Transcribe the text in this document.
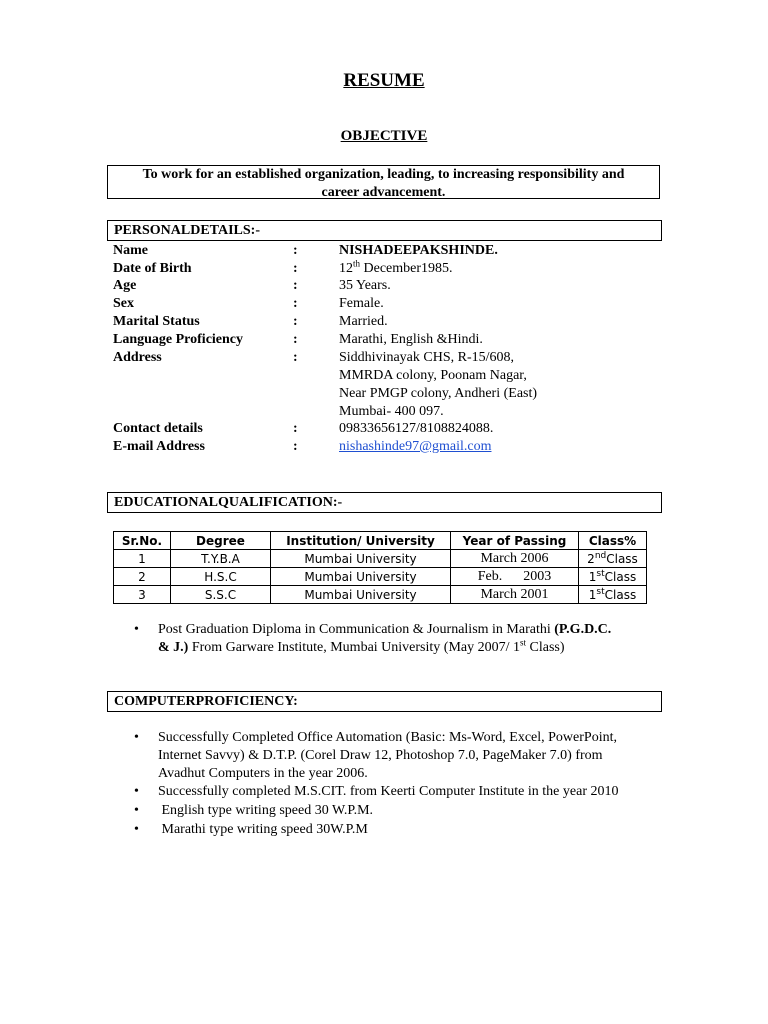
RESUME
OBJECTIVE
To work for an established organization, leading, to increasing responsibility and
career advancement.
PERSONALDETAILS:-
Name	:	NISHADEEPAKSHINDE.
Date of Birth	:	12th December1985.
Age	:	35 Years.
Sex	:	Female.
Marital Status	:	Married.
Language Proficiency	:	Marathi, English &Hindi.
Address	:	Siddhivinayak CHS, R-15/608,
MMRDA colony, Poonam Nagar,
Near PMGP colony, Andheri (East)
Mumbai- 400 097.
Contact details	:	09833656127/8108824088.
E-mail Address	:	nishashinde97@gmail.com
EDUCATIONALQUALIFICATION:-
Sr.No.	Degree	Institution/ University	Year of Passing	Class%
1	T.Y.B.A	Mumbai University	March 2006	2ndClass
2	H.S.C	Mumbai University	Feb.      2003	1stClass
3	S.S.C	Mumbai University	March 2001	1stClass
• Post Graduation Diploma in Communication & Journalism in Marathi (P.G.D.C.
& J.) From Garware Institute, Mumbai University (May 2007/ 1st Class)
COMPUTERPROFICIENCY:
• Successfully Completed Office Automation (Basic: Ms-Word, Excel, PowerPoint,
Internet Savvy) & D.T.P. (Corel Draw 12, Photoshop 7.0, PageMaker 7.0) from
Avadhut Computers in the year 2006.
• Successfully completed M.S.CIT. from Keerti Computer Institute in the year 2010
• English type writing speed 30 W.P.M.
• Marathi type writing speed 30W.P.M
